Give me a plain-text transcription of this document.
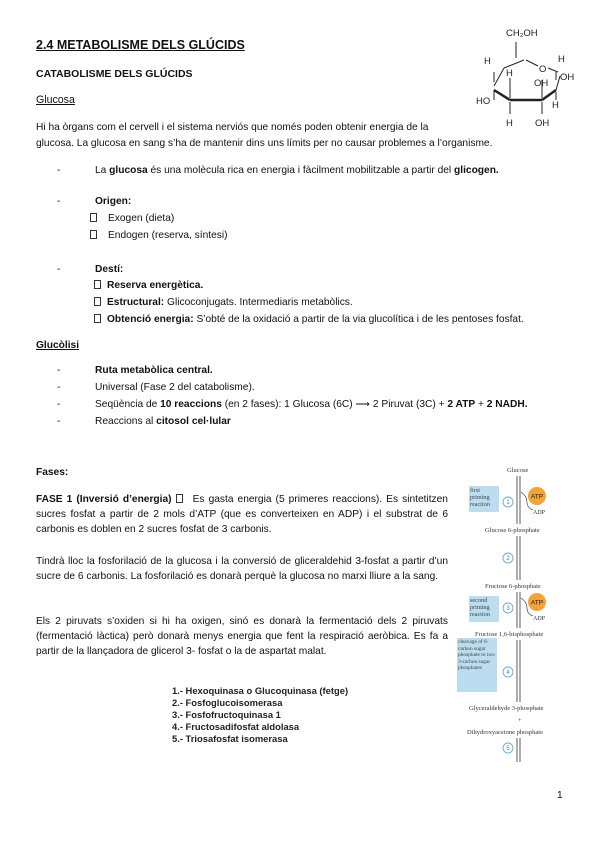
2.4 METABOLISME DELS GLÚCIDS
CATABOLISME DELS GLÚCIDS
Glucosa
CH₂OH
H
O
H
OH
H
OH
H
HO
H OH
Hi ha òrgans com el cervell i el sistema nerviós que només poden obtenir energia de la
glucosa. La glucosa en sang s’ha de mantenir dins uns límits per no causar problemes a l’organisme.
-	La glucosa és una molècula rica en energia i fàcilment mobilitzable a partir del glicogen.
-	Origen:
Exogen (dieta)
Endogen (reserva, síntesi)
-	Destí:
Reserva energètica.
Estructural: Glicoconjugats. Intermediaris metabòlics.
Obtenció energia: S’obté de la oxidació a partir de la via glucolítica i de les pentoses fosfat.
Glucòlisi
-	Ruta metabòlica central.
-	Universal (Fase 2 del catabolisme).
-	Seqüència de 10 reaccions (en 2 fases): 1 Glucosa (6C) ⟶ 2 Piruvat (3C) + 2 ATP + 2 NADH.
-	Reaccions al citosol cel·lular
Fases:
FASE 1 (Inversió d’energia)  Es gasta energia (5 primeres reaccions). Es sintetitzen sucres fosfat a partir de 2 mols d’ATP (que es converteixen en ADP) i el substrat de 6 carbonis es doblen en 2 sucres fosfat de 3 carbonis.
Tindrà lloc la fosforilació de la glucosa i la conversió de gliceraldehid 3-fosfat a partir d’un sucre de 6 carbonis. La fosforilació es donarà perquè la glucosa no marxi lliure a la sang.
Els 2 piruvats s’oxiden si hi ha oxigen, sinó es donarà la fermentació dels 2 piruvats (fermentació làctica) però donarà menys energia que fent la respiració aeròbica. Es fa a partir de la llançadora de glicerol 3- fosfat o la de aspartat malat.
1.- Hexoquinasa o Glucoquinasa (fetge)
2.- Fosfoglucoisomerasa
3.- Fosfofructoquinasa 1
4.- Fructosadifosfat aldolasa
5.- Triosafosfat isomerasa
Glucose
Glucose 6-phosphate
Fructose 6-phosphate
Fructose 1,6-bisphosphate
Glyceraldehyde 3-phosphate
+
Dihydroxyacetone phosphate
first priming reaction
second priming reaction
cleavage of 6-carbon sugar phosphate to two 3-carbon sugar phosphates
1
2
3
4
5
ATP
ATP
ADP
ADP
1
